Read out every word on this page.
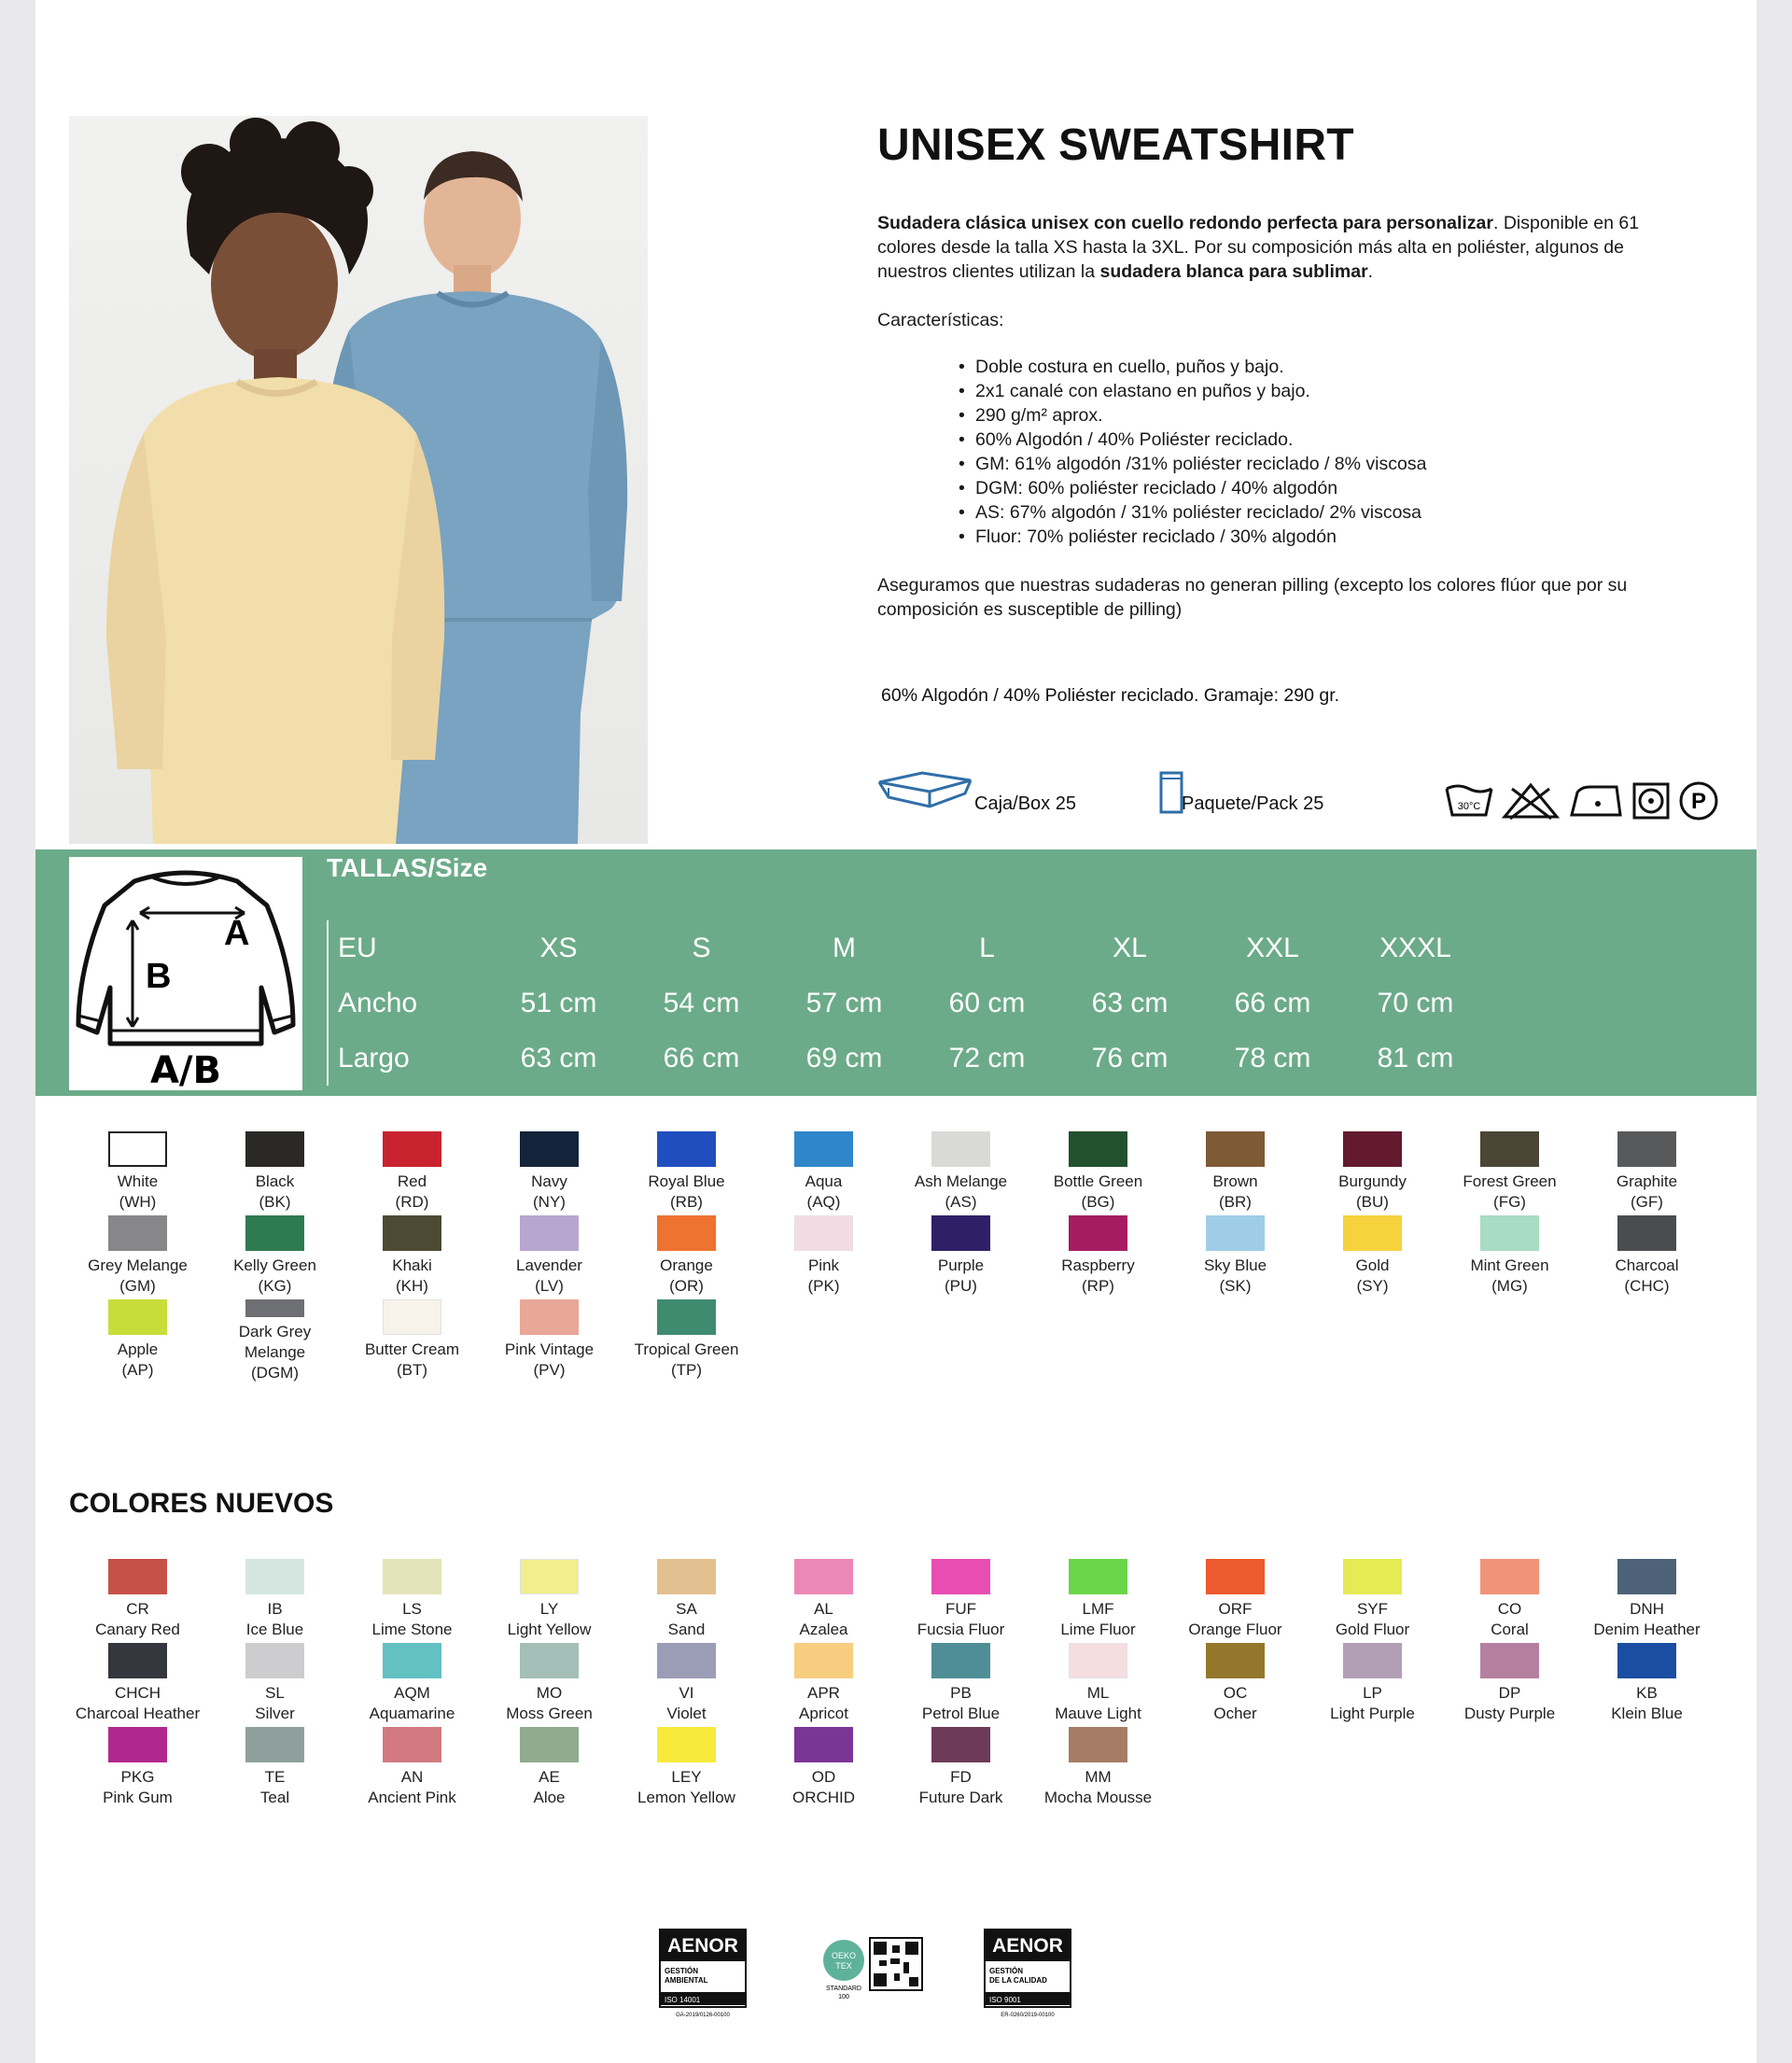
UNISEX SWEATSHIRT
Sudadera clásica unisex con cuello redondo perfecta para personalizar. Disponible en 61 colores desde la talla XS hasta la 3XL. Por su composición más alta en poliéster, algunos de nuestros clientes utilizan la sudadera blanca para sublimar.
Características:
• Doble costura en cuello, puños y bajo.
• 2x1 canalé con elastano en puños y bajo.
• 290 g/m² aprox.
• 60% Algodón / 40% Poliéster reciclado.
• GM: 61% algodón /31% poliéster reciclado / 8% viscosa
• DGM: 60% poliéster reciclado / 40% algodón
• AS: 67% algodón / 31% poliéster reciclado/ 2% viscosa
• Fluor: 70% poliéster reciclado / 30% algodón
Aseguramos que nuestras sudaderas no generan pilling (excepto los colores flúor que por su composición es susceptible de pilling)
60% Algodón / 40% Poliéster reciclado. Gramaje: 290 gr.
Caja/Box 25	Paquete/Pack 25	30°C	P
A
B
A/B
TALLAS/Size
EU	XS	S	M	L	XL	XXL	XXXL
Ancho	51 cm	54 cm	57 cm	60 cm	63 cm	66 cm	70 cm
Largo	63 cm	66 cm	69 cm	72 cm	76 cm	78 cm	81 cm
White
(WH)
Black
(BK)
Red
(RD)
Navy
(NY)
Royal Blue
(RB)
Aqua
(AQ)
Ash Melange
(AS)
Bottle Green
(BG)
Brown
(BR)
Burgundy
(BU)
Forest Green
(FG)
Graphite
(GF)
Grey Melange
(GM)
Kelly Green
(KG)
Khaki
(KH)
Lavender
(LV)
Orange
(OR)
Pink
(PK)
Purple
(PU)
Raspberry
(RP)
Sky Blue
(SK)
Gold
(SY)
Mint Green
(MG)
Charcoal
(CHC)
Apple
(AP)
Dark Grey
Melange
(DGM)
Butter Cream
(BT)
Pink Vintage
(PV)
Tropical Green
(TP)
COLORES NUEVOS
CR
Canary Red
IB
Ice Blue
LS
Lime Stone
LY
Light Yellow
SA
Sand
AL
Azalea
FUF
Fucsia Fluor
LMF
Lime Fluor
ORF
Orange Fluor
SYF
Gold Fluor
CO
Coral
DNH
Denim Heather
CHCH
Charcoal Heather
SL
Silver
AQM
Aquamarine
MO
Moss Green
VI
Violet
APR
Apricot
PB
Petrol Blue
ML
Mauve Light
OC
Ocher
LP
Light Purple
DP
Dusty Purple
KB
Klein Blue
PKG
Pink Gum
TE
Teal
AN
Ancient Pink
AE
Aloe
LEY
Lemon Yellow
OD
ORCHID
FD
Future Dark
MM
Mocha Mousse
AENOR
GESTIÓN
AMBIENTAL
ISO 14001
GA-2019/0126-00100
OEKO
TEX
STANDARD
100
AENOR
GESTIÓN
DE LA CALIDAD
ISO 9001
ER-0260/2019-00100
